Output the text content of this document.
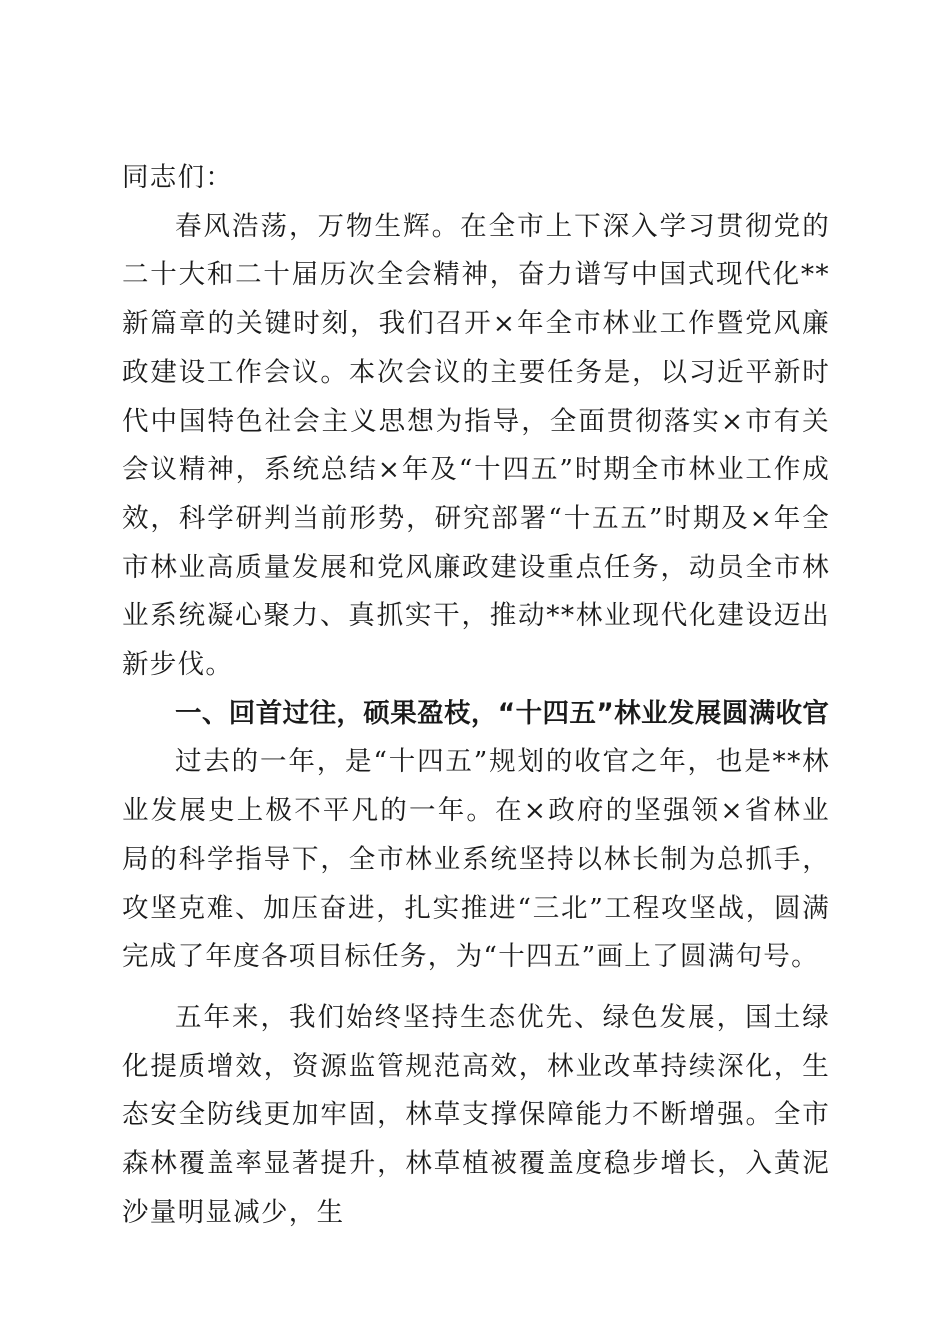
同志们：

春风浩荡，万物生辉。在全市上下深入学习贯彻党的二十大和二十届历次全会精神，奋力谱写中国式现代化**新篇章的关键时刻，我们召开×年全市林业工作暨党风廉政建设工作会议。本次会议的主要任务是，以习近平新时代中国特色社会主义思想为指导，全面贯彻落实×市有关会议精神，系统总结×年及“十四五”时期全市林业工作成效，科学研判当前形势，研究部署“十五五”时期及×年全市林业高质量发展和党风廉政建设重点任务，动员全市林业系统凝心聚力、真抓实干，推动**林业现代化建设迈出新步伐。

一、回首过往，硕果盈枝，“十四五”林业发展圆满收官

过去的一年，是“十四五”规划的收官之年，也是**林业发展史上极不平凡的一年。在×政府的坚强领×省林业局的科学指导下，全市林业系统坚持以林长制为总抓手，攻坚克难、加压奋进，扎实推进“三北”工程攻坚战，圆满完成了年度各项目标任务，为“十四五”画上了圆满句号。

五年来，我们始终坚持生态优先、绿色发展，国土绿化提质增效，资源监管规范高效，林业改革持续深化，生态安全防线更加牢固，林草支撑保障能力不断增强。全市森林覆盖率显著提升，林草植被覆盖度稳步增长，入黄泥沙量明显减少，生
